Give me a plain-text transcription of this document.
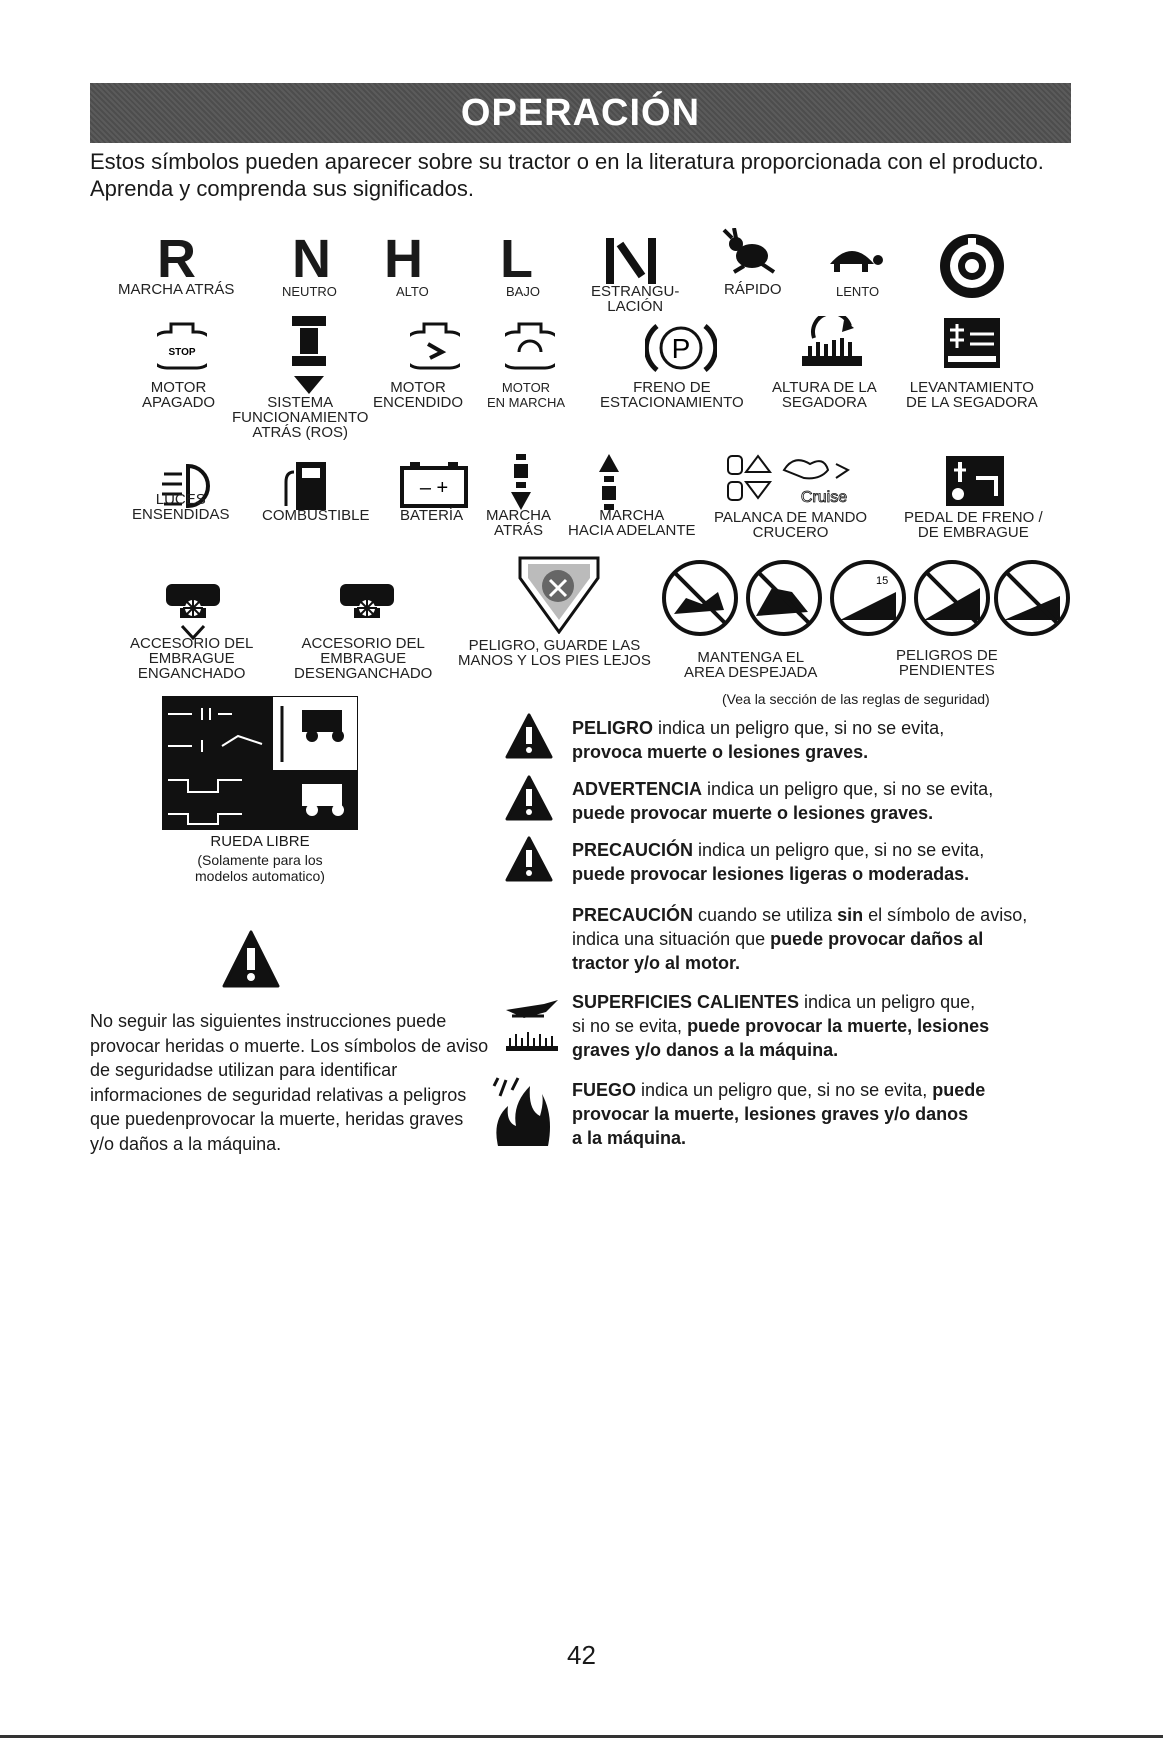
OPERACIÓN
Estos símbolos pueden aparecer sobre su tractor o en la literatura proporcionada con el producto.
Aprenda y comprenda sus significados.
R N H L
MARCHA ATRÁS	NEUTRO	ALTO	BAJO	ESTRANGU-
LACIÓN
RÁPIDO	LENTO
STOP	P
MOTOR
APAGADO	SISTEMA
FUNCIONAMIENTO
ATRÁS (ROS)
MOTOR
ENCENDIDO
MOTOR
EN MARCHA
FRENO DE
ESTACIONAMIENTO
ALTURA DE LA
SEGADORA
LEVANTAMIENTO
DE LA SEGADORA
– +	Cruise
LUCES
ENSENDIDAS COMBUSTIBLE BATERÍA MARCHA
ATRÁS
MARCHA
HACIA ADELANTE
PALANCA DE MANDO
CRUCERO
PEDAL DE FRENO /
DE EMBRAGUE
15
ACCESORIO DEL
EMBRAGUE
ENGANCHADO
ACCESORIO DEL
EMBRAGUE
DESENGANCHADO
PELIGRO, GUARDE LAS
MANOS Y LOS PIES LEJOS	MANTENGA EL
AREA DESPEJADA
PELIGROS DE
PENDIENTES
(Vea la sección de las reglas de seguridad)
RUEDA LIBRE
(Solamente para los
modelos automatico)
No seguir las siguientes instrucciones puede provocar heridas o muerte. Los símbolos de aviso de seguridadse utilizan para identificar informaciones de seguridad relativas a peligros que puedenprovocar la muerte, heridas graves y/o daños a la máquina.
PELIGRO indica un peligro que, si no se evita,
provoca muerte o lesiones graves.
ADVERTENCIA indica un peligro que, si no se evita,
puede provocar muerte o lesiones graves.
PRECAUCIÓN indica un peligro que, si no se evita,
puede provocar lesiones ligeras o moderadas.
PRECAUCIÓN cuando se utiliza sin el símbolo de aviso,
indica una situación que puede provocar daños al
tractor y/o al motor.
SUPERFICIES CALIENTES indica un peligro que,
si no se evita, puede provocar la muerte, lesiones
graves y/o danos a la máquina.
FUEGO indica un peligro que, si no se evita, puede
provocar la muerte, lesiones graves y/o danos
a la máquina.
42
